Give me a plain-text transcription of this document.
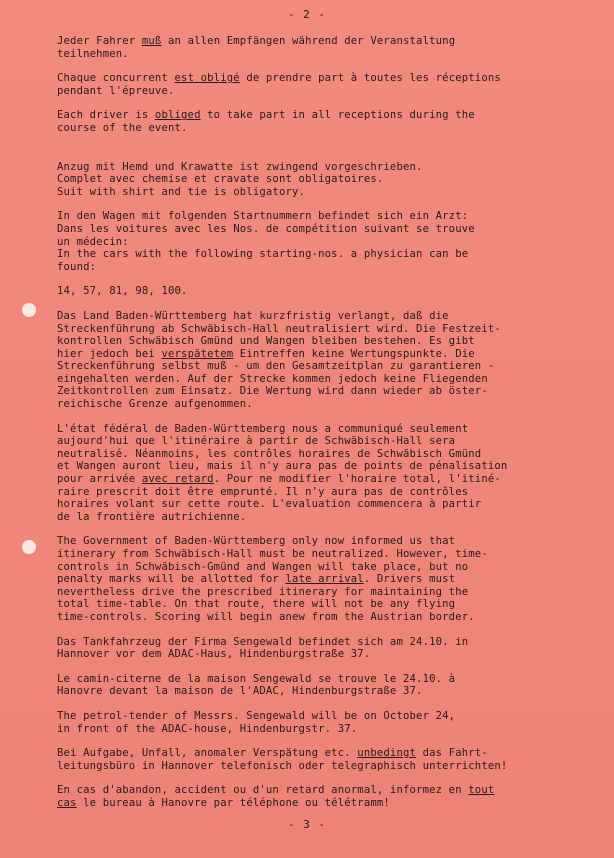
- 2 -
Jeder Fahrer muß an allen Empfängen während der Veranstaltung
teilnehmen.
Chaque concurrent est obligé de prendre part à toutes les réceptions
pendant l'épreuve.
Each driver is obliged to take part in all receptions during the
course of the event.
Anzug mit Hemd und Krawatte ist zwingend vorgeschrieben.
Complet avec chemise et cravate sont obligatoires.
Suit with shirt and tie is obligatory.
In den Wagen mit folgenden Startnummern befindet sich ein Arzt:
Dans les voitures avec les Nos. de compétition suivant se trouve
un médecin:
In the cars with the following starting-nos. a physician can be
found:
14, 57, 81, 98, 100.
Das Land Baden-Württemberg hat kurzfristig verlangt, daß die
Streckenführung ab Schwäbisch-Hall neutralisiert wird. Die Festzeit-
kontrollen Schwäbisch Gmünd und Wangen bleiben bestehen. Es gibt
hier jedoch bei verspätetem Eintreffen keine Wertungspunkte. Die
Streckenführung selbst muß - um den Gesamtzeitplan zu garantieren -
eingehalten werden. Auf der Strecke kommen jedoch keine Fliegenden
Zeitkontrollen zum Einsatz. Die Wertung wird dann wieder ab öster-
reichische Grenze aufgenommen.
L'état fédéral de Baden-Württemberg nous a communiqué seulement
aujourd'hui que l'itinéraire à partir de Schwäbisch-Hall sera
neutralisé. Néanmoins, les contrôles horaires de Schwäbisch Gmünd
et Wangen auront lieu, mais il n'y aura pas de points de pénalisation
pour arrivée avec retard. Pour ne modifier l'horaire total, l'itiné-
raire prescrit doit être emprunté. Il n'y aura pas de contrôles
horaires volant sur cette route. L'evaluation commencera à partir
de la frontière autrichienne.
The Government of Baden-Württemberg only now informed us that
itinerary from Schwäbisch-Hall must be neutralized. However, time-
controls in Schwäbisch-Gmünd and Wangen will take place, but no
penalty marks will be allotted for late arrival. Drivers must
nevertheless drive the prescribed itinerary for maintaining the
total time-table. On that route, there will not be any flying
time-controls. Scoring will begin anew from the Austrian border.
Das Tankfahrzeug der Firma Sengewald befindet sich am 24.10. in
Hannover vor dem ADAC-Haus, Hindenburgstraße 37.
Le camin-citerne de la maison Sengewald se trouve le 24.10. à
Hanovre devant la maison de l'ADAC, Hindenburgstraße 37.
The petrol-tender of Messrs. Sengewald will be on October 24,
in front of the ADAC-house, Hindenburgstr. 37.
Bei Aufgabe, Unfall, anomaler Verspätung etc. unbedingt das Fahrt-
leitungsbüro in Hannover telefonisch oder telegraphisch unterrichten!
En cas d'abandon, accident ou d'un retard anormal, informez en tout
cas le bureau à Hanovre par téléphone ou télétramm!
- 3 -
